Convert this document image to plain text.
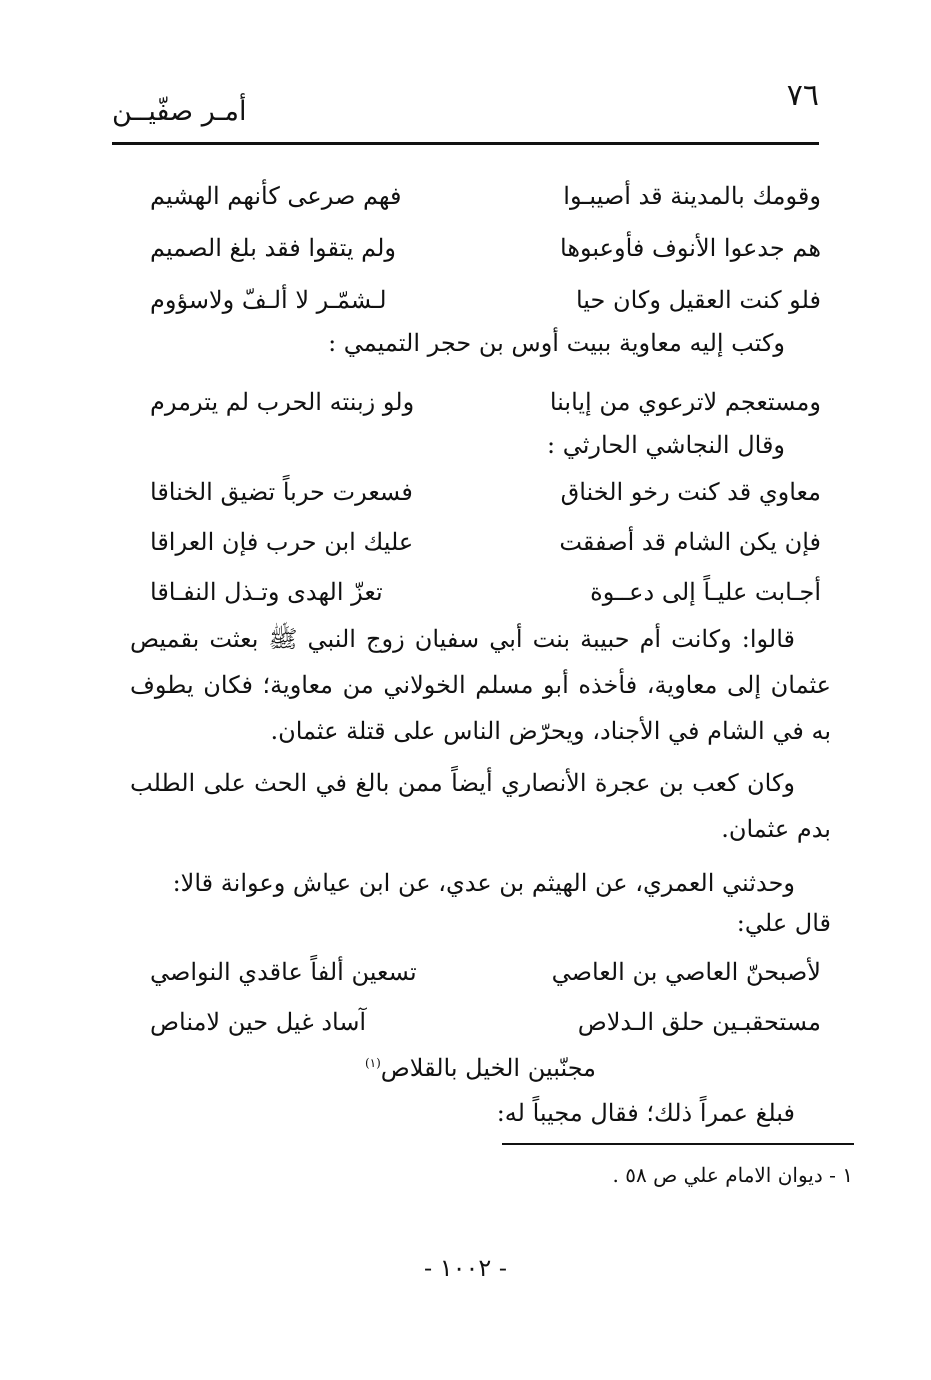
٧٦
أمـر صفّيــن
وقومك بالمدينة قد أصيبـوا
فهم صرعى كأنهم الهشيم
هم جدعوا الأنوف فأوعبوها
ولم يتقوا فقد بلغ الصميم
فلو كنت العقيل وكان حيا
لـشمّـر لا ألـفّ ولاسؤوم
وكتب إليه معاوية ببيت أوس بن حجر التميمي :
ومستعجم لاترعوي من إيابنا
ولو زبنته الحرب لم يترمرم
وقال النجاشي الحارثي :
معاوي قد كنت رخو الخناق
فسعرت حرباً تضيق الخناقا
فإن يكن الشام قد أصفقت
عليك ابن حرب فإن العراقا
أجـابت عليـاً إلى دعــوة
تعزّ الهدى وتـذل النفـاقا
قالوا: وكانت أم حبيبة بنت أبي سفيان زوج النبي ﷺ بعثت بقميص عثمان إلى معاوية، فأخذه أبو مسلم الخولاني من معاوية؛ فكان يطوف به في الشام في الأجناد، ويحرّض الناس على قتلة عثمان.
وكان كعب بن عجرة الأنصاري أيضاً ممن بالغ في الحث على الطلب بدم عثمان.
وحدثني العمري، عن الهيثم بن عدي، عن ابن عياش وعوانة قالا:
قال علي:
لأصبحنّ العاصي بن العاصي
تسعين ألفاً عاقدي النواصي
مستحقبـين حلق الـدلاص
آساد غيل حين لامناص
مجنّبين الخيل بالقلاص$^{(١)}$
فبلغ عمراً ذلك؛ فقال مجيباً له:
١ - ديوان الامام علي ص ٥٨ .
- ١٠٠٢ -
